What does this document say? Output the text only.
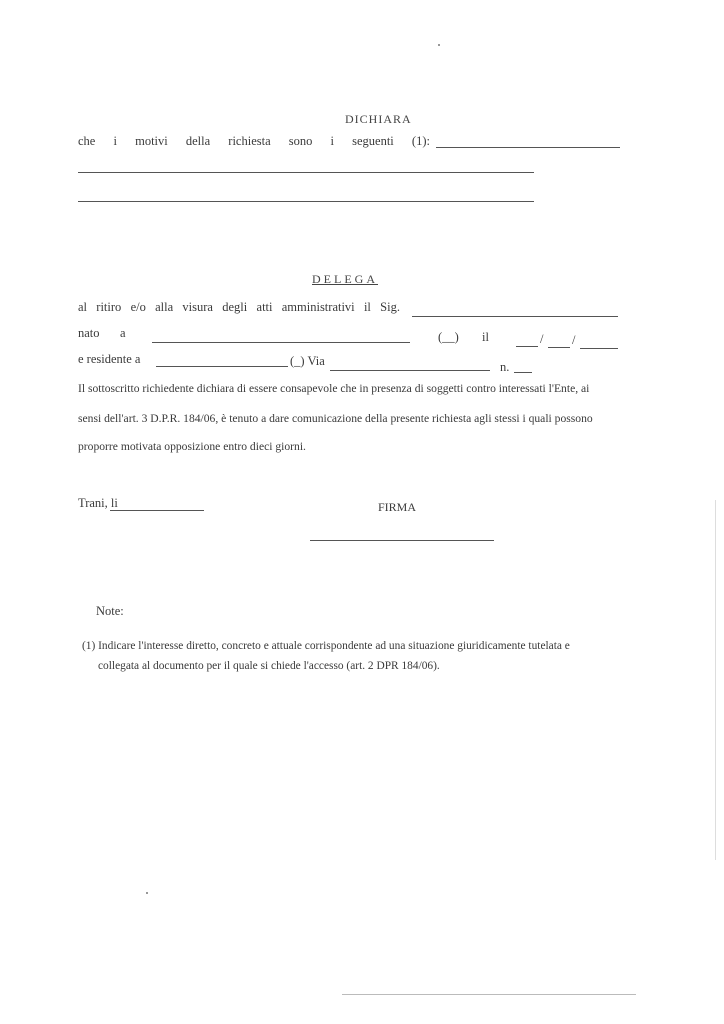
DICHIARA
che i motivi della richiesta sono i seguenti (1):
DELEGA
al ritiro e/o alla visura degli atti amministrativi il Sig.
nato a	(__) il	/ /
e residente a	(_) Via	n.
Il sottoscritto richiedente dichiara di essere consapevole che in presenza di soggetti contro interessati l'Ente, ai
sensi dell'art. 3 D.P.R. 184/06, è tenuto a dare comunicazione della presente richiesta agli stessi i quali possono
proporre motivata opposizione entro dieci giorni.
Trani, li	FIRMA
Note:
(1) Indicare l'interesse diretto, concreto e attuale corrispondente ad una situazione giuridicamente tutelata e
collegata al documento per il quale si chiede l'accesso (art. 2 DPR 184/06).
